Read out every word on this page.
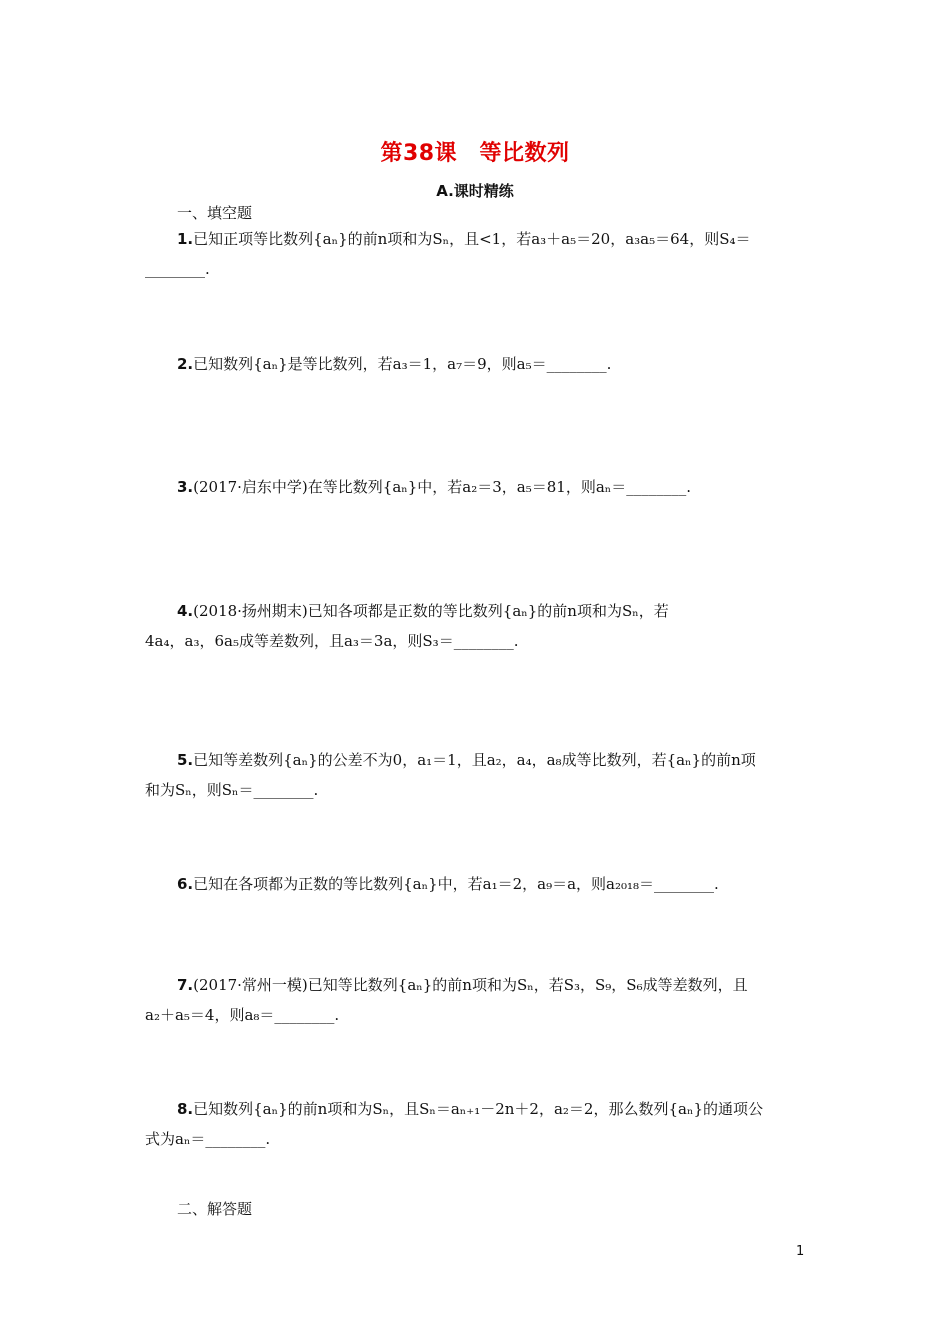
第38课　等比数列
A.课时精练
一、填空题
1.已知正项等比数列{aₙ}的前n项和为Sₙ，且<1，若a₃＋a₅＝20，a₃a₅＝64，则S₄＝
________.
2.已知数列{aₙ}是等比数列，若a₃＝1，a₇＝9，则a₅＝________.
3.(2017·启东中学)在等比数列{aₙ}中，若a₂＝3，a₅＝81，则aₙ＝________.
4.(2018·扬州期末)已知各项都是正数的等比数列{aₙ}的前n项和为Sₙ，若
4a₄，a₃，6a₅成等差数列，且a₃＝3a，则S₃＝________.
5.已知等差数列{aₙ}的公差不为0，a₁＝1，且a₂，a₄，a₈成等比数列，若{aₙ}的前n项
和为Sₙ，则Sₙ＝________.
6.已知在各项都为正数的等比数列{aₙ}中，若a₁＝2，a₉＝a，则a₂₀₁₈＝________.
7.(2017·常州一模)已知等比数列{aₙ}的前n项和为Sₙ，若S₃，S₉，S₆成等差数列，且
a₂＋a₅＝4，则a₈＝________.
8.已知数列{aₙ}的前n项和为Sₙ，且Sₙ＝aₙ₊₁－2n＋2，a₂＝2，那么数列{aₙ}的通项公
式为aₙ＝________.
二、解答题
1
